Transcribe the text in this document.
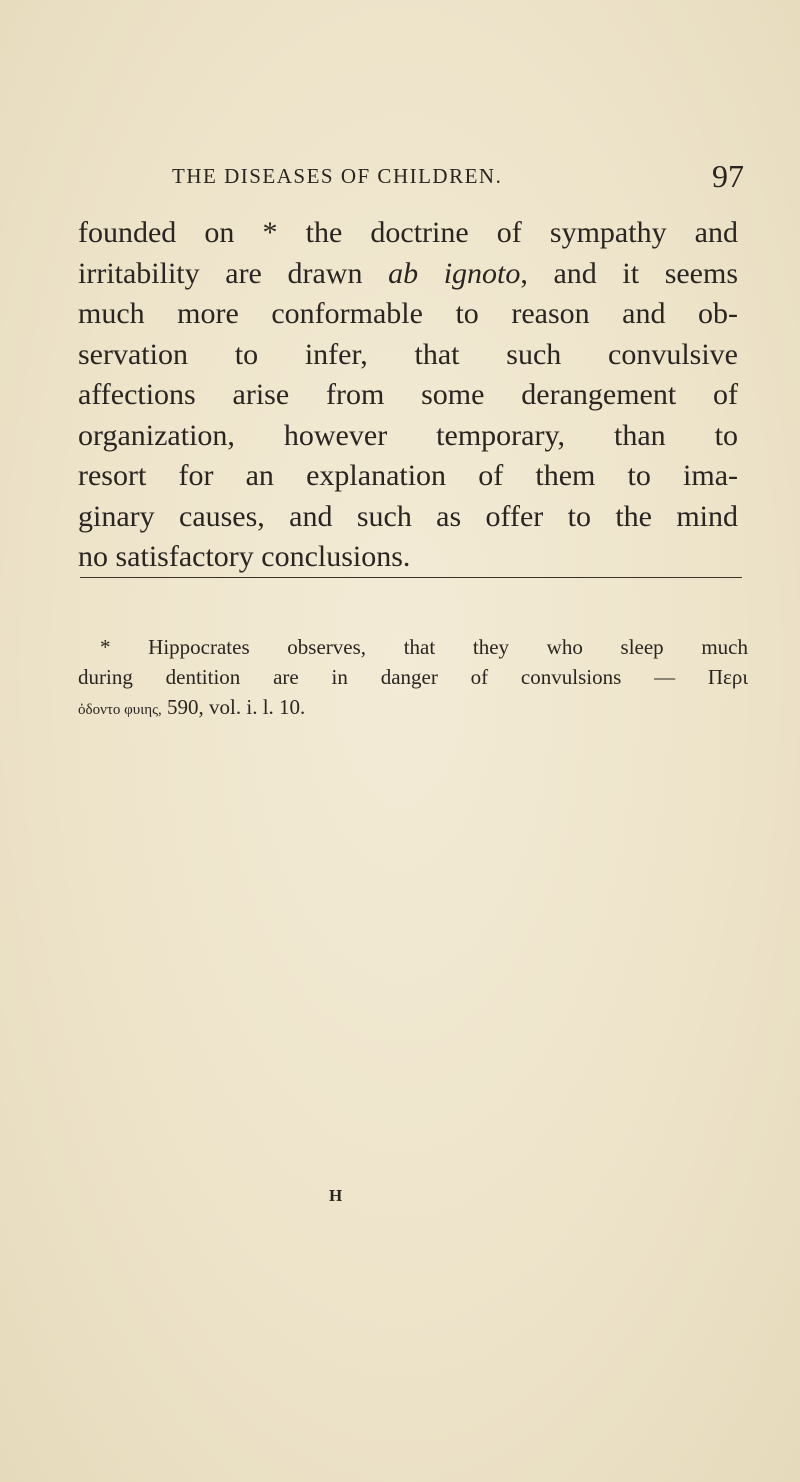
THE DISEASES OF CHILDREN.	97
founded on * the doctrine of sympathy and
irritability are drawn ab ignoto, and it seems
much more conformable to reason and ob-
servation to infer, that such convulsive
affections arise from some derangement of
organization, however temporary, than to
resort for an explanation of them to ima-
ginary causes, and such as offer to the mind
no satisfactory conclusions.
* Hippocrates observes, that they who sleep much
during dentition are in danger of convulsions — Περι
ὀδοντο φυιης, 590, vol. i. l. 10.
H
